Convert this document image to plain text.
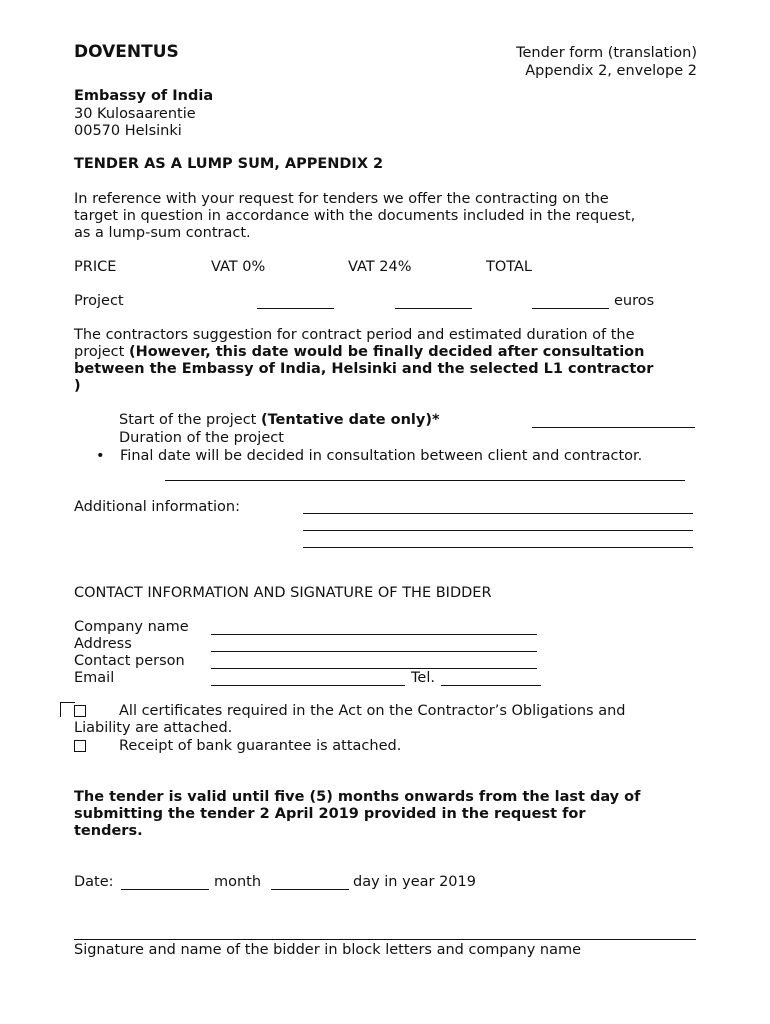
DOVENTUS	Tender form (translation)
Appendix 2, envelope 2
Embassy of India
30 Kulosaarentie
00570 Helsinki
TENDER AS A LUMP SUM, APPENDIX 2
In reference with your request for tenders we offer the contracting on the
target in question in accordance with the documents included in the request,
as a lump-sum contract.
PRICE	VAT 0%	VAT 24%	TOTAL
Project	euros
The contractors suggestion for contract period and estimated duration of the
project (However, this date would be finally decided after consultation
between the Embassy of India, Helsinki and the selected L1 contractor
)
Start of the project (Tentative date only)*
Duration of the project
• Final date will be decided in consultation between client and contractor.
Additional information:
CONTACT INFORMATION AND SIGNATURE OF THE BIDDER
Company name
Address
Contact person
Email	Tel.
All certificates required in the Act on the Contractor’s Obligations and
Liability are attached.
Receipt of bank guarantee is attached.
The tender is valid until five (5) months onwards from the last day of
submitting the tender 2 April 2019 provided in the request for
tenders.
Date:	month	day in year 2019
Signature and name of the bidder in block letters and company name
